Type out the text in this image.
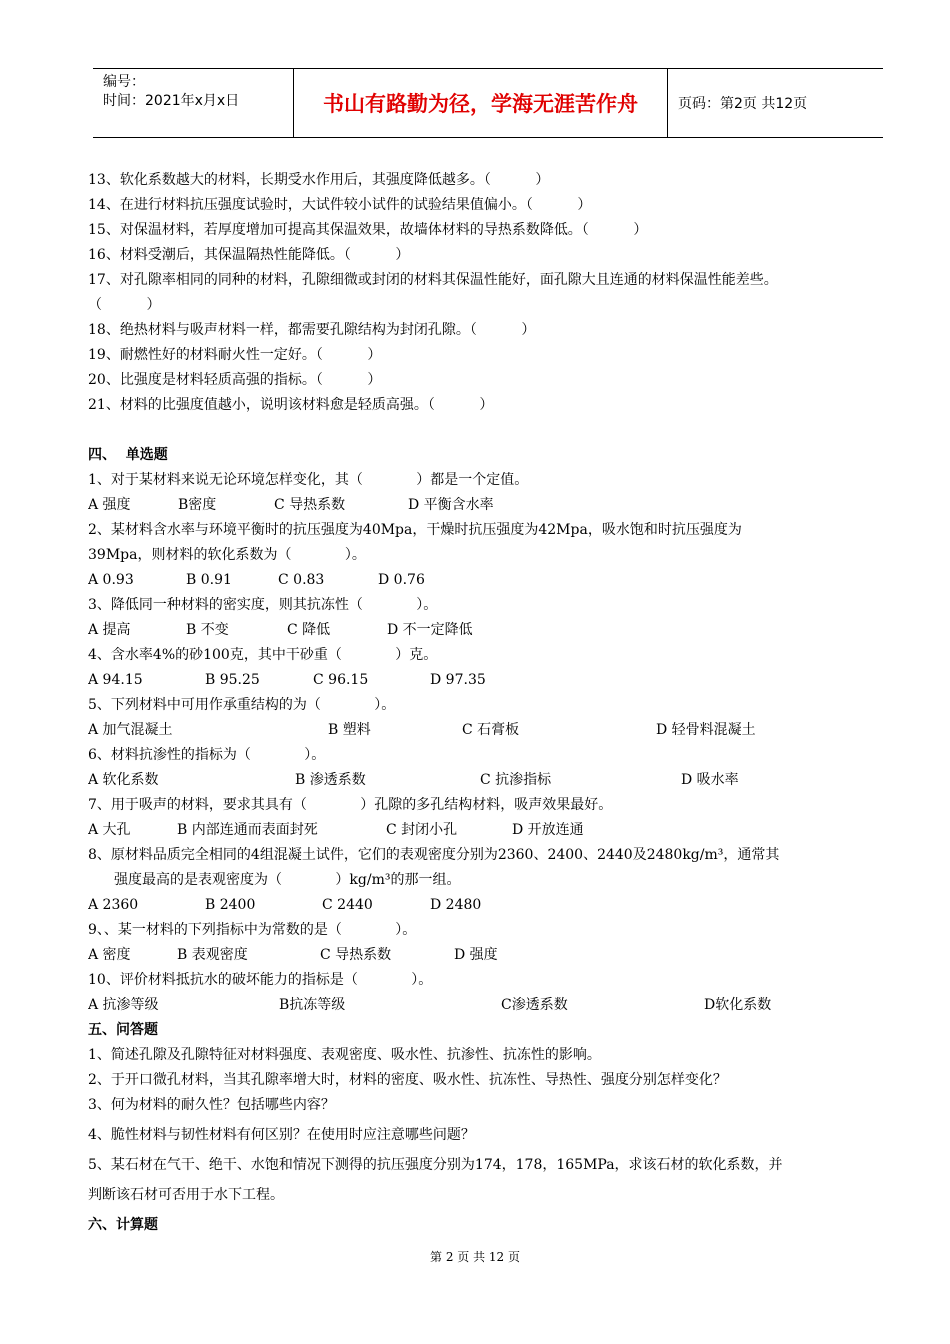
编号：
时间：2021年x月x日	书山有路勤为径，学海无涯苦作舟	页码：第2页 共12页
13、软化系数越大的材料，长期受水作用后，其强度降低越多。（          ）
14、在进行材料抗压强度试验时，大试件较小试件的试验结果值偏小。（          ）
15、对保温材料，若厚度增加可提高其保温效果，故墙体材料的导热系数降低。（          ）
16、材料受潮后，其保温隔热性能降低。（          ）
17、对孔隙率相同的同种的材料，孔隙细微或封闭的材料其保温性能好，面孔隙大且连通的材料保温性能差些。
（          ）
18、绝热材料与吸声材料一样，都需要孔隙结构为封闭孔隙。（          ）
19、耐燃性好的材料耐火性一定好。（          ）
20、比强度是材料轻质高强的指标。（          ）
21、材料的比强度值越小，说明该材料愈是轻质高强。（          ）
四、  单选题
1、对于某材料来说无论环境怎样变化，其（            ）都是一个定值。
A 强度	B密度	C 导热系数	D 平衡含水率
2、某材料含水率与环境平衡时的抗压强度为40Mpa，干燥时抗压强度为42Mpa，吸水饱和时抗压强度为
39Mpa，则材料的软化系数为（            ）。
A 0.93	B 0.91	C 0.83	D 0.76
3、降低同一种材料的密实度，则其抗冻性（            ）。
A 提高	B 不变	C 降低	D 不一定降低
4、含水率4%的砂100克，其中干砂重（            ）克。
A 94.15	B 95.25	C 96.15	D 97.35
5、下列材料中可用作承重结构的为（            ）。
A 加气混凝土	B 塑料	C 石膏板	D 轻骨料混凝土
6、材料抗渗性的指标为（            ）。
A 软化系数	B 渗透系数	C 抗渗指标	D 吸水率
7、用于吸声的材料，要求其具有（            ）孔隙的多孔结构材料，吸声效果最好。
A 大孔	B 内部连通而表面封死	C 封闭小孔	D 开放连通
8、原材料品质完全相同的4组混凝土试件，它们的表观密度分别为2360、2400、2440及2480kg/m³，通常其
强度最高的是表观密度为（            ）kg/m³的那一组。
A 2360	B 2400	C 2440	D 2480
9、、某一材料的下列指标中为常数的是（            ）。
A 密度	B 表观密度	C 导热系数	D 强度
10、评价材料抵抗水的破坏能力的指标是（            ）。
A 抗渗等级	B抗冻等级	C渗透系数	D软化系数
五、问答题
1、简述孔隙及孔隙特征对材料强度、表观密度、吸水性、抗渗性、抗冻性的影响。
2、于开口微孔材料，当其孔隙率增大时，材料的密度、吸水性、抗冻性、导热性、强度分别怎样变化？
3、何为材料的耐久性？包括哪些内容？
4、脆性材料与韧性材料有何区别？在使用时应注意哪些问题？
5、某石材在气干、绝干、水饱和情况下测得的抗压强度分别为174，178，165MPa，求该石材的软化系数，并
判断该石材可否用于水下工程。
六、计算题
第 2 页 共 12 页
